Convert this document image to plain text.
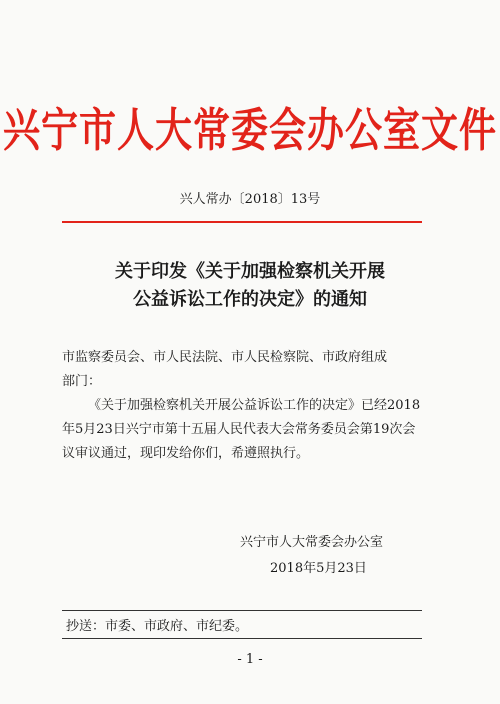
兴宁市人大常委会办公室文件
兴人常办〔2018〕13号
关于印发《关于加强检察机关开展
公益诉讼工作的决定》的通知
市监察委员会、市人民法院、市人民检察院、市政府组成
部门：
《关于加强检察机关开展公益诉讼工作的决定》已经2018年5月23日兴宁市第十五届人民代表大会常务委员会第19次会议审议通过，现印发给你们，希遵照执行。
兴宁市人大常委会办公室
2018年5月23日
抄送：市委、市政府、市纪委。
- 1 -
